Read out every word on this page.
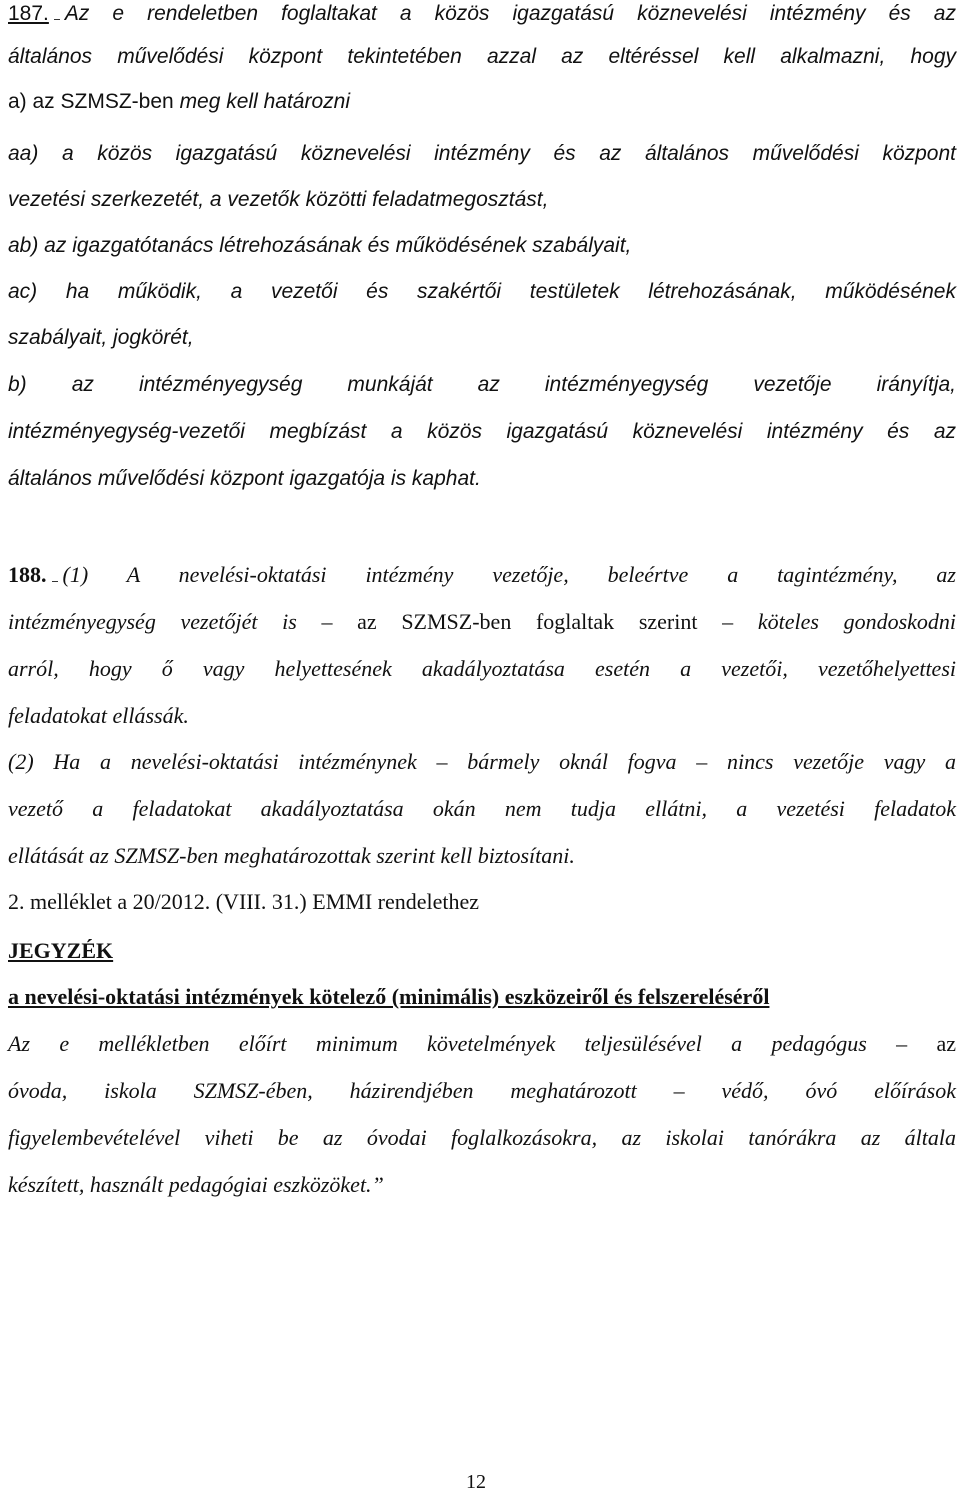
187. Az e rendeletben foglaltakat a közös igazgatású köznevelési intézmény és az
általános művelődési központ tekintetében azzal az eltéréssel kell alkalmazni, hogy
a) az SZMSZ-ben meg kell határozni
aa) a közös igazgatású köznevelési intézmény és az általános művelődési központ
vezetési szerkezetét, a vezetők közötti feladatmegosztást,
ab) az igazgatótanács létrehozásának és működésének szabályait,
ac) ha működik, a vezetői és szakértői testületek létrehozásának, működésének
szabályait, jogkörét,
b) az intézményegység munkáját az intézményegység vezetője irányítja,
intézményegység-vezetői megbízást a közös igazgatású köznevelési intézmény és az
általános művelődési központ igazgatója is kaphat.
188. (1) A nevelési-oktatási intézmény vezetője, beleértve a tagintézmény, az
intézményegység vezetőjét is – az SZMSZ-ben foglaltak szerint – köteles gondoskodni
arról, hogy ő vagy helyettesének akadályoztatása esetén a vezetői, vezetőhelyettesi
feladatokat ellássák.
(2) Ha a nevelési-oktatási intézménynek – bármely oknál fogva – nincs vezetője vagy a
vezető a feladatokat akadályoztatása okán nem tudja ellátni, a vezetési feladatok
ellátását az SZMSZ-ben meghatározottak szerint kell biztosítani.
2. melléklet a 20/2012. (VIII. 31.) EMMI rendelethez
JEGYZÉK
a nevelési-oktatási intézmények kötelező (minimális) eszközeiről és felszereléséről
Az e mellékletben előírt minimum követelmények teljesülésével a pedagógus – az
óvoda, iskola SZMSZ-ében, házirendjében meghatározott – védő, óvó előírások
figyelembevételével viheti be az óvodai foglalkozásokra, az iskolai tanórákra az általa
készített, használt pedagógiai eszközöket.”
12
